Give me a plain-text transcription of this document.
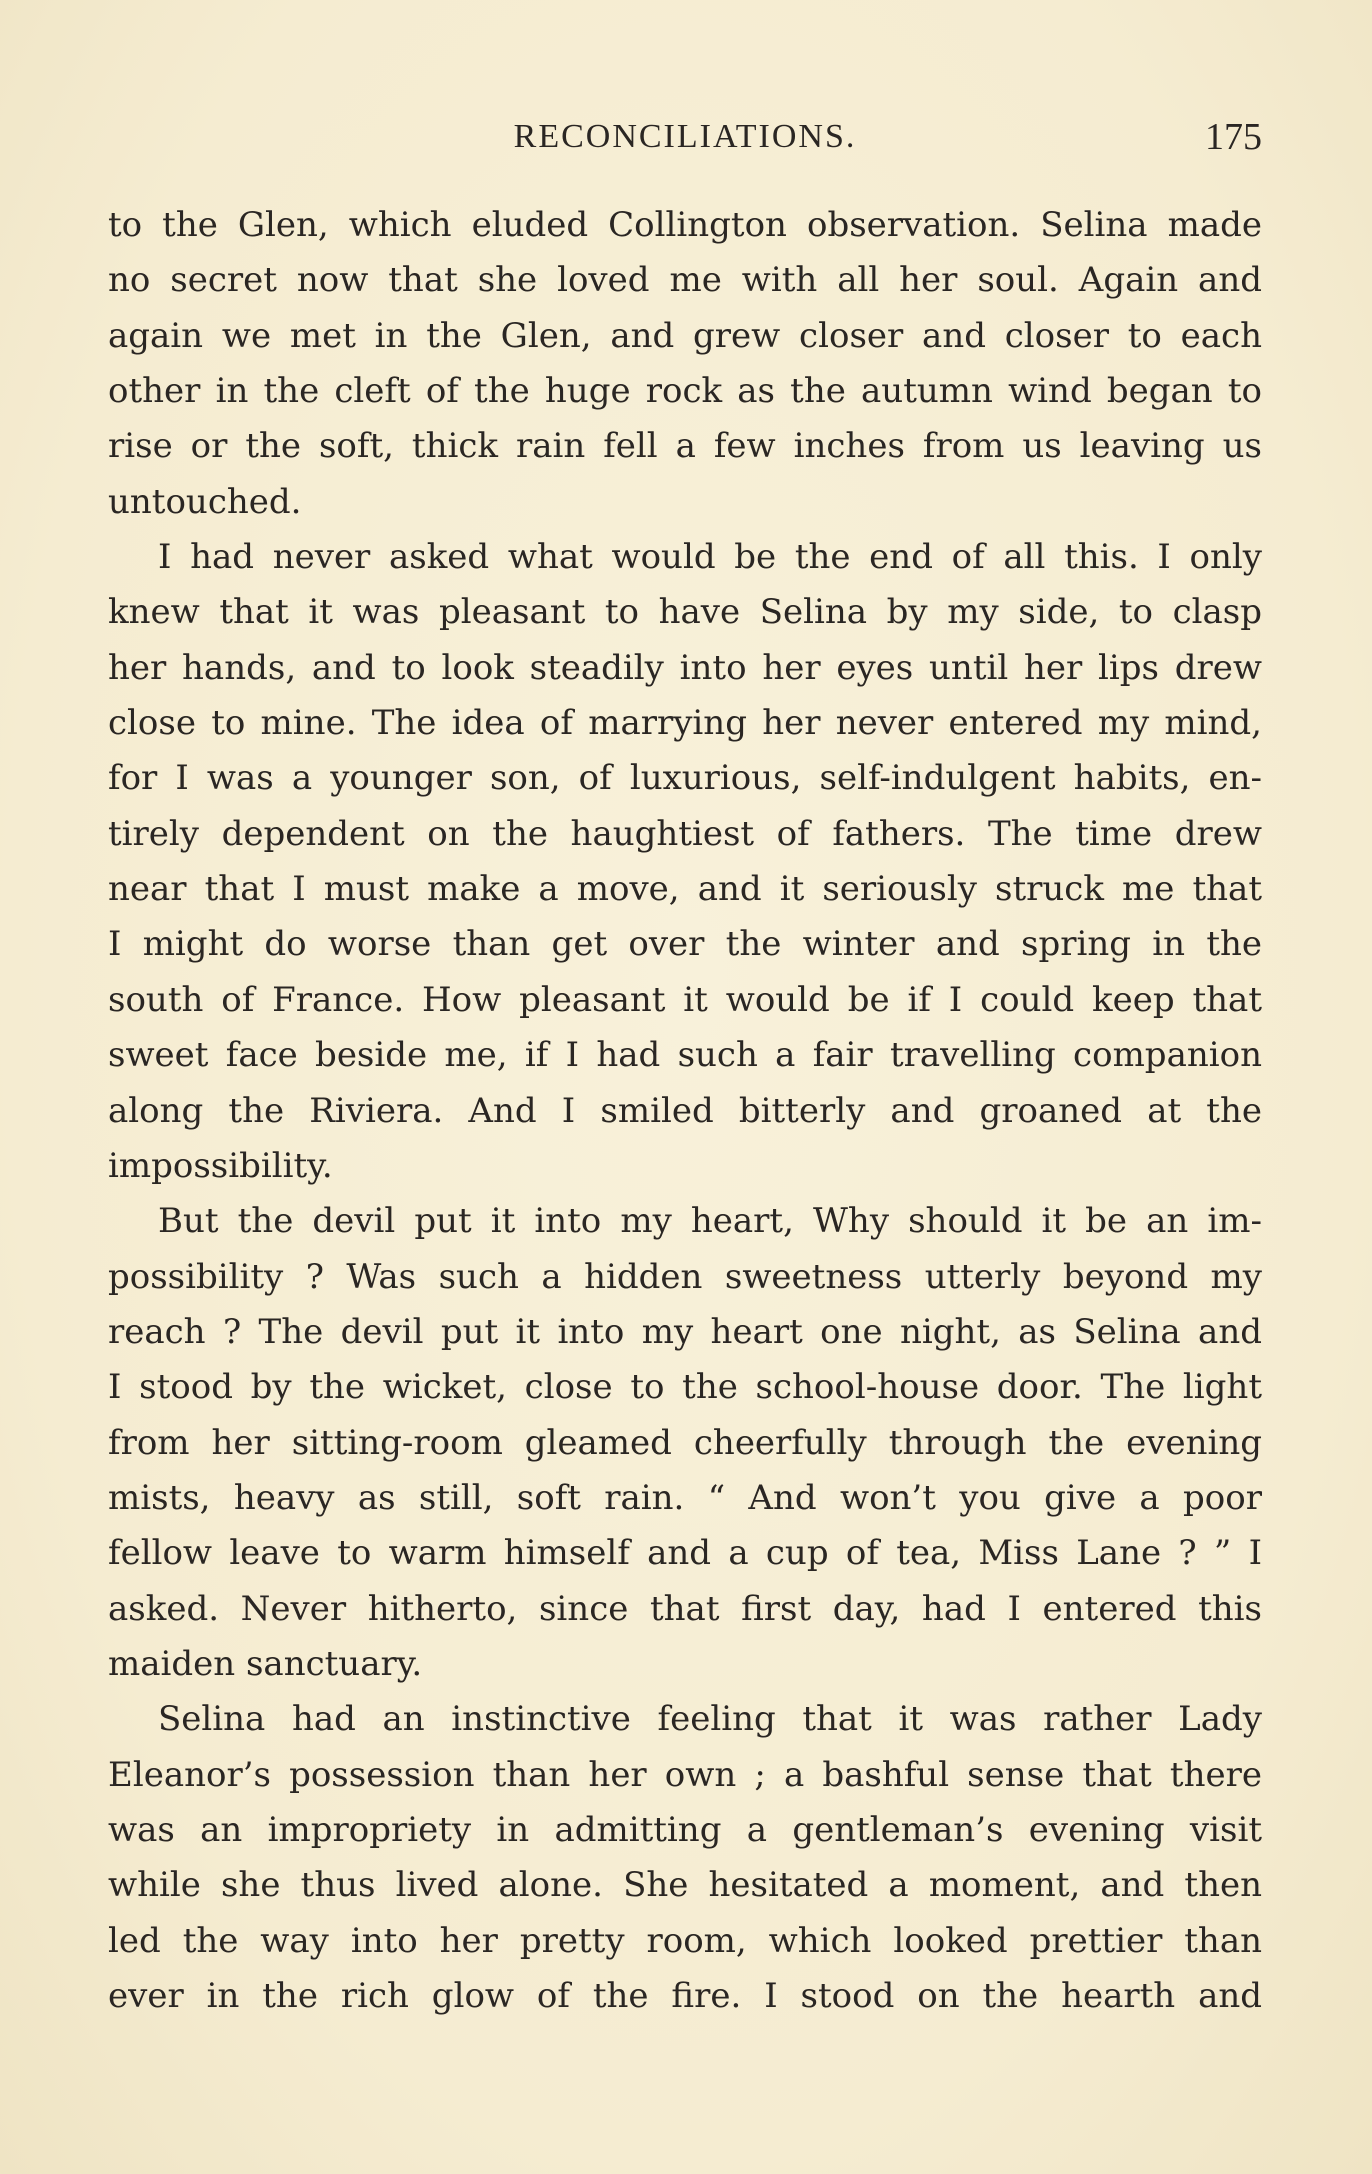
RECONCILIATIONS.	175
to the Glen, which eluded Collington observation. Selina made
no secret now that she loved me with all her soul. Again and
again we met in the Glen, and grew closer and closer to each
other in the cleft of the huge rock as the autumn wind began to
rise or the soft, thick rain fell a few inches from us leaving us
untouched.
I had never asked what would be the end of all this. I only
knew that it was pleasant to have Selina by my side, to clasp
her hands, and to look steadily into her eyes until her lips drew
close to mine. The idea of marrying her never entered my mind,
for I was a younger son, of luxurious, self-indulgent habits, en-
tirely dependent on the haughtiest of fathers. The time drew
near that I must make a move, and it seriously struck me that
I might do worse than get over the winter and spring in the
south of France. How pleasant it would be if I could keep that
sweet face beside me, if I had such a fair travelling companion
along the Riviera. And I smiled bitterly and groaned at the
impossibility.
But the devil put it into my heart, Why should it be an im-
possibility ? Was such a hidden sweetness utterly beyond my
reach ? The devil put it into my heart one night, as Selina and
I stood by the wicket, close to the school-house door. The light
from her sitting-room gleamed cheerfully through the evening
mists, heavy as still, soft rain. “ And won’t you give a poor
fellow leave to warm himself and a cup of tea, Miss Lane ? ” I
asked. Never hitherto, since that first day, had I entered this
maiden sanctuary.
Selina had an instinctive feeling that it was rather Lady
Eleanor’s possession than her own ; a bashful sense that there
was an impropriety in admitting a gentleman’s evening visit
while she thus lived alone. She hesitated a moment, and then
led the way into her pretty room, which looked prettier than
ever in the rich glow of the fire. I stood on the hearth and
